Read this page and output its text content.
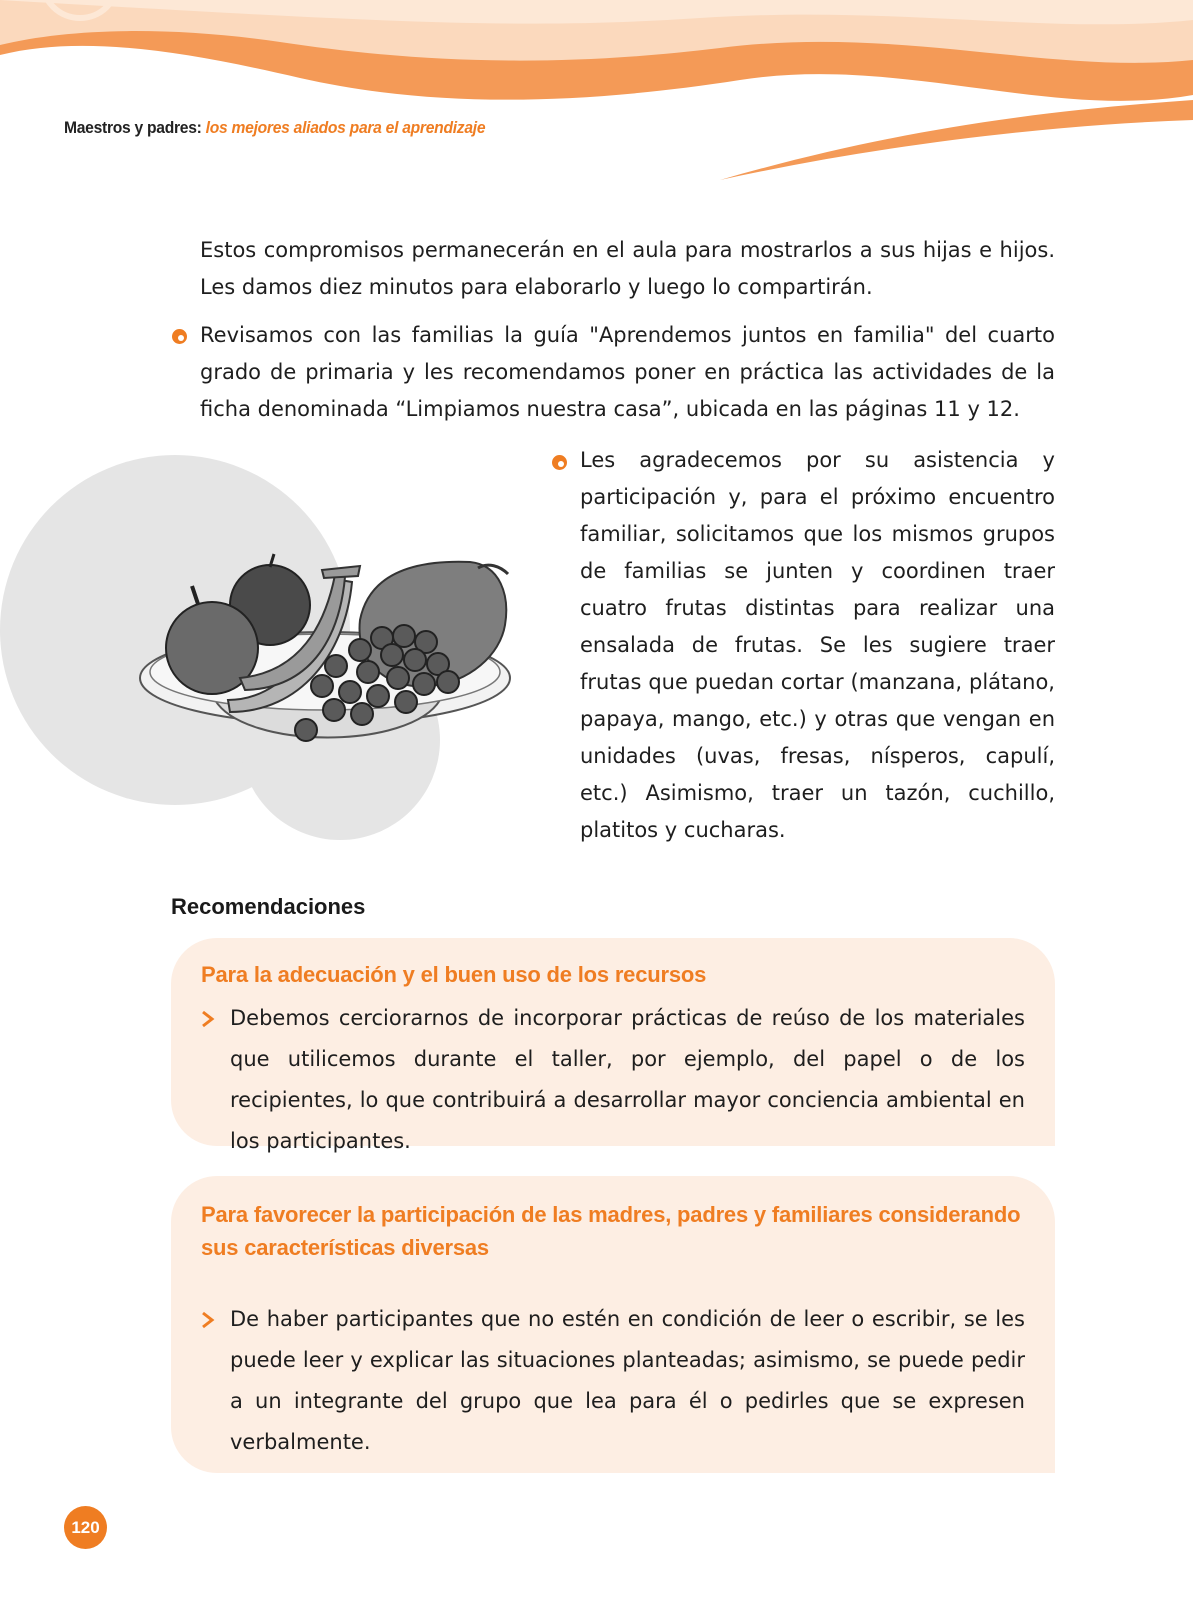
Maestros y padres: los mejores aliados para el aprendizaje
Estos compromisos permanecerán en el aula para mostrarlos a sus hijas e hijos. Les damos diez minutos para elaborarlo y luego lo compartirán.
Revisamos con las familias la guía "Aprendemos juntos en familia" del cuarto grado de primaria y les recomendamos poner en práctica las actividades de la ficha denominada “Limpiamos nuestra casa”, ubicada en las páginas 11 y 12.
Les agradecemos por su asistencia y participación y, para el próximo encuentro familiar, solicitamos que los mismos grupos de familias se junten y coordinen traer cuatro frutas distintas para realizar una ensalada de frutas. Se les sugiere traer frutas que puedan cortar (manzana, plátano, papaya, mango, etc.) y otras que vengan en unidades (uvas, fresas, nísperos, capulí, etc.) Asimismo, traer un tazón, cuchillo, platitos y cucharas.
Recomendaciones
Para la adecuación y el buen uso de los recursos
Debemos cerciorarnos de incorporar prácticas de reúso de los materiales que utilicemos durante el taller, por ejemplo, del papel o de los recipientes, lo que contribuirá a desarrollar mayor conciencia ambiental en los participantes.
Para favorecer la participación de las madres, padres y familiares considerando sus características diversas
De haber participantes que no estén en condición de leer o escribir, se les puede leer y explicar las situaciones planteadas; asimismo, se puede pedir a un integrante del grupo que lea para él o pedirles que se expresen verbalmente.
120
